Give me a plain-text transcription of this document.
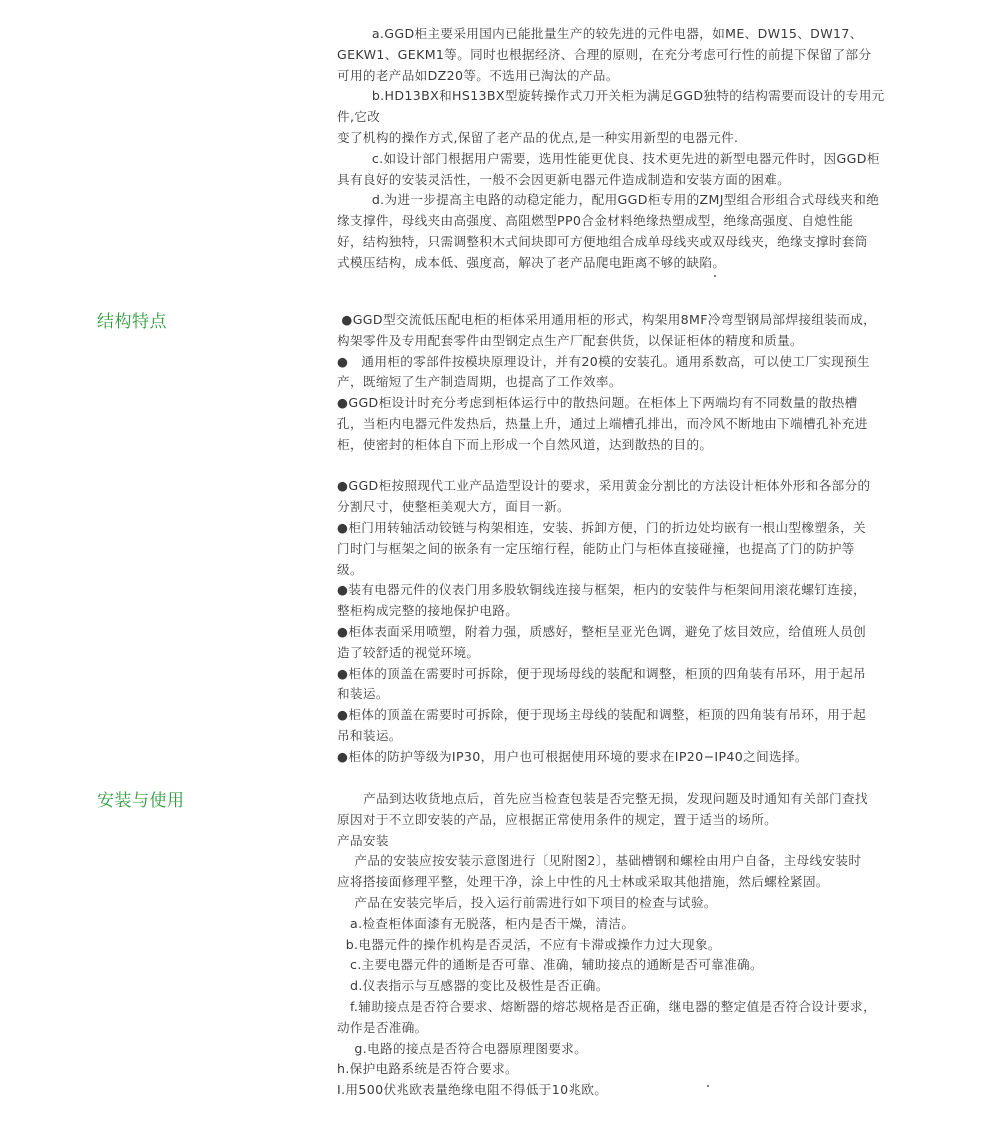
a.GGD柜主要采用国内已能批量生产的较先进的元件电器，如ME、DW15、DW17、
GEKW1、GEKM1等。同时也根据经济、合理的原则，在充分考虑可行性的前提下保留了部分
可用的老产品如DZ20等。不选用已淘汰的产品。
b.HD13BX和HS13BX型旋转操作式刀开关柜为满足GGD独特的结构需要而设计的专用元
件,它改
变了机构的操作方式,保留了老产品的优点,是一种实用新型的电器元件.
c.如设计部门根据用户需要，选用性能更优良、技术更先进的新型电器元件时，因GGD柜
具有良好的安装灵活性，一般不会因更新电器元件造成制造和安装方面的困难。
d.为进一步提高主电路的动稳定能力，配用GGD柜专用的ZMJ型组合形组合式母线夹和绝
缘支撑件，母线夹由高强度、高阻燃型PP0合金材料绝缘热塑成型，绝缘高强度、自熄性能
好，结构独特，只需调整积木式间块即可方便地组合成单母线夹或双母线夹，绝缘支撑时套筒
式模压结构，成本低、强度高，解决了老产品爬电距离不够的缺陷。
结构特点	●GGD型交流低压配电柜的柜体采用通用柜的形式，构架用8MF冷弯型钢局部焊接组装而成，
构架零件及专用配套零件由型钢定点生产厂配套供货，以保证柜体的精度和质量。
●   通用柜的零部件按模块原理设计，并有20模的安装孔。通用系数高，可以使工厂实现预生
产，既缩短了生产制造周期，也提高了工作效率。
●GGD柜设计时充分考虑到柜体运行中的散热问题。在柜体上下两端均有不同数量的散热槽
孔，当柜内电器元件发热后，热量上升，通过上端槽孔排出，而冷风不断地由下端槽孔补充进
柜，使密封的柜体自下而上形成一个自然风道，达到散热的目的。
●GGD柜按照现代工业产品造型设计的要求，采用黄金分割比的方法设计柜体外形和各部分的
分割尺寸，使整柜美观大方，面目一新。
●柜门用转轴活动铰链与构架相连，安装、拆卸方便，门的折边处均嵌有一根山型橡塑条，关
门时门与框架之间的嵌条有一定压缩行程，能防止门与柜体直接碰撞，也提高了门的防护等
级。
●装有电器元件的仪表门用多股软铜线连接与框架，柜内的安装件与柜架间用滚花螺钉连接，
整柜构成完整的接地保护电路。
●柜体表面采用喷塑，附着力强，质感好，整柜呈亚光色调，避免了炫目效应，给值班人员创
造了较舒适的视觉环境。
●柜体的顶盖在需要时可拆除，便于现场母线的装配和调整，柜顶的四角装有吊环，用于起吊
和装运。
●柜体的顶盖在需要时可拆除，便于现场主母线的装配和调整，柜顶的四角装有吊环，用于起
吊和装运。
●柜体的防护等级为IP30，用户也可根据使用环境的要求在IP20−IP40之间选择。
安装与使用	产品到达收货地点后，首先应当检查包装是否完整无损，发现问题及时通知有关部门查找
原因对于不立即安装的产品，应根据正常使用条件的规定，置于适当的场所。
产品安装
产品的安装应按安装示意图进行〔见附图2〕，基础槽钢和螺栓由用户自备，主母线安装时
应将搭接面修理平整，处理干净，涂上中性的凡士林或采取其他措施，然后螺栓紧固。
产品在安装完毕后，投入运行前需进行如下项目的检查与试验。
a.检查柜体面漆有无脱落，柜内是否干燥，清洁。
b.电器元件的操作机构是否灵活，不应有卡滞或操作力过大现象。
c.主要电器元件的通断是否可靠、准确，辅助接点的通断是否可靠准确。
d.仪表指示与互感器的变比及极性是否正确。
f.辅助接点是否符合要求、熔断器的熔芯规格是否正确，继电器的整定值是否符合设计要求，
动作是否准确。
g.电路的接点是否符合电器原理图要求。
h.保护电路系统是否符合要求。
I.用500伏兆欧表量绝缘电阻不得低于10兆欧。
